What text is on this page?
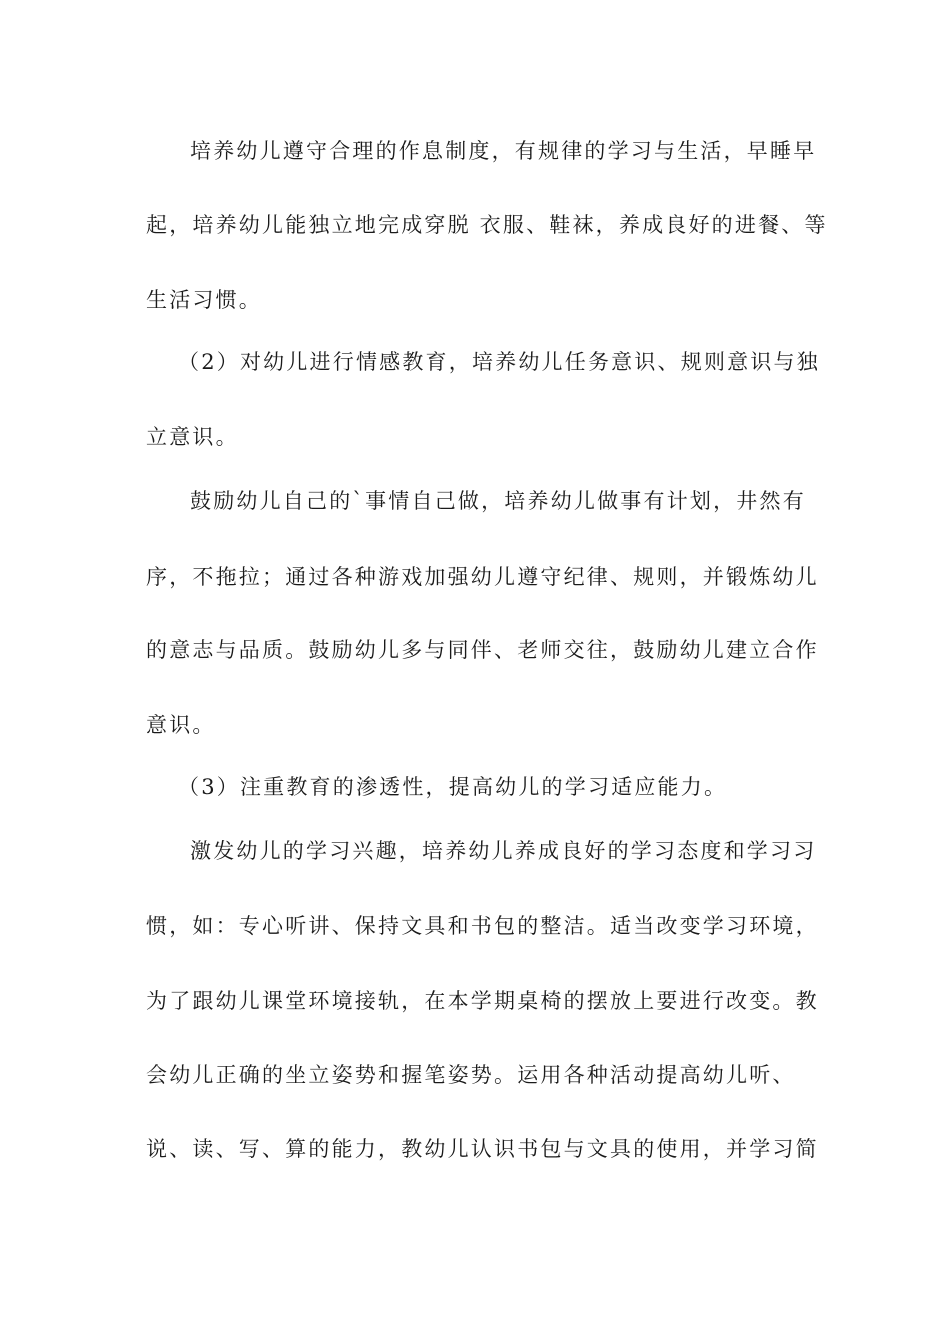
培养幼儿遵守合理的作息制度，有规律的学习与生活，早睡早
起，培养幼儿能独立地完成穿脱 衣服、鞋袜，养成良好的进餐、等
生活习惯。
（2）对幼儿进行情感教育，培养幼儿任务意识、规则意识与独
立意识。
鼓励幼儿自己的`事情自己做，培养幼儿做事有计划，井然有
序，不拖拉；通过各种游戏加强幼儿遵守纪律、规则，并锻炼幼儿
的意志与品质。鼓励幼儿多与同伴、老师交往，鼓励幼儿建立合作
意识。
（3）注重教育的渗透性，提高幼儿的学习适应能力。
激发幼儿的学习兴趣，培养幼儿养成良好的学习态度和学习习
惯，如：专心听讲、保持文具和书包的整洁。适当改变学习环境，
为了跟幼儿课堂环境接轨，在本学期桌椅的摆放上要进行改变。教
会幼儿正确的坐立姿势和握笔姿势。运用各种活动提高幼儿听、
说、读、写、算的能力，教幼儿认识书包与文具的使用，并学习简
